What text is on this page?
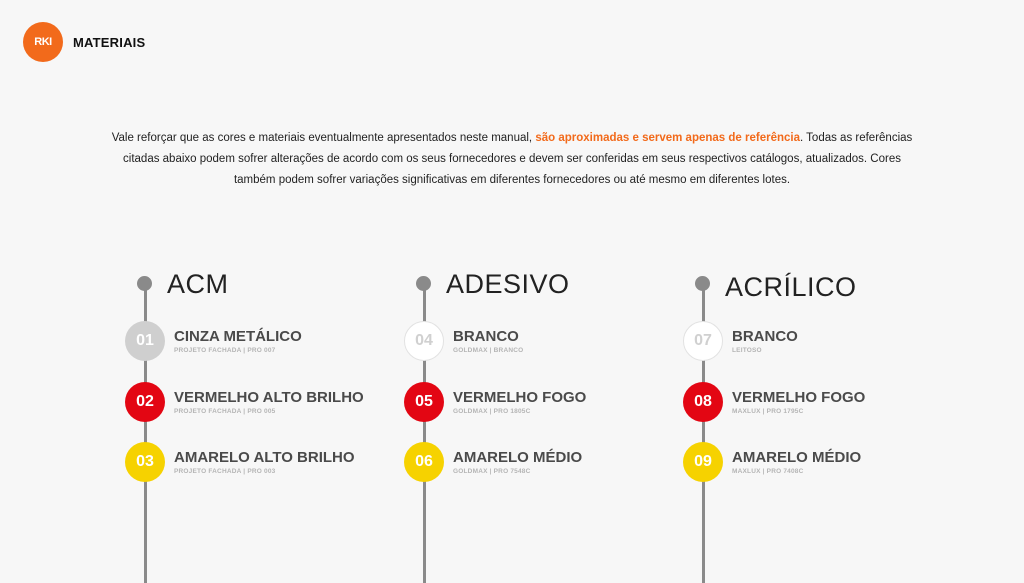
RKI MATERIAIS
Vale reforçar que as cores e materiais eventualmente apresentados neste manual, são aproximadas e servem apenas de referência. Todas as referências citadas abaixo podem sofrer alterações de acordo com os seus fornecedores e devem ser conferidas em seus respectivos catálogos, atualizados. Cores também podem sofrer variações significativas em diferentes fornecedores ou até mesmo em diferentes lotes.
ACM
01	CINZA METÁLICO
PROJETO FACHADA | PRO 007
02	VERMELHO ALTO BRILHO
PROJETO FACHADA | PRO 005
03	AMARELO ALTO BRILHO
PROJETO FACHADA | PRO 003
ADESIVO
04	BRANCO
GOLDMAX | BRANCO
05	VERMELHO FOGO
GOLDMAX | PRO 1805C
06	AMARELO MÉDIO
GOLDMAX | PRO 7548C
ACRÍLICO
07	BRANCO
LEITOSO
08	VERMELHO FOGO
MAXLUX | PRO 1795C
09	AMARELO MÉDIO
MAXLUX | PRO 7408C
